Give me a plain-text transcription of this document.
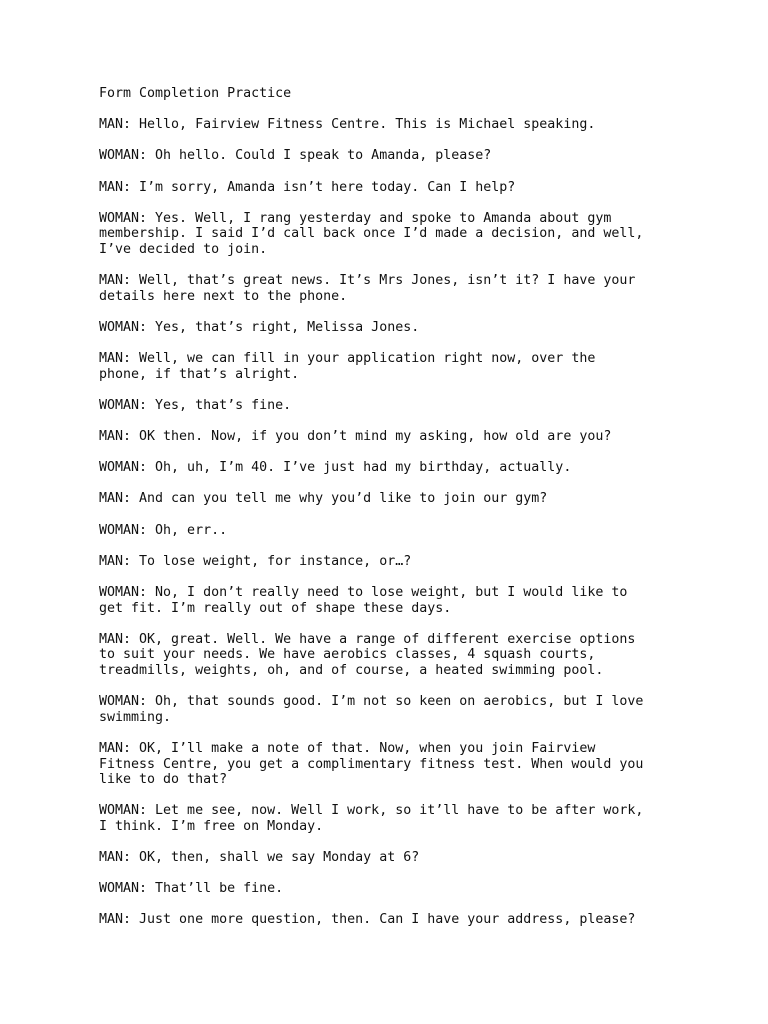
Form Completion Practice
MAN: Hello, Fairview Fitness Centre. This is Michael speaking.
WOMAN: Oh hello. Could I speak to Amanda, please?
MAN: I’m sorry, Amanda isn’t here today. Can I help?
WOMAN: Yes. Well, I rang yesterday and spoke to Amanda about gym
membership. I said I’d call back once I’d made a decision, and well,
I’ve decided to join.
MAN: Well, that’s great news. It’s Mrs Jones, isn’t it? I have your
details here next to the phone.
WOMAN: Yes, that’s right, Melissa Jones.
MAN: Well, we can fill in your application right now, over the
phone, if that’s alright.
WOMAN: Yes, that’s fine.
MAN: OK then. Now, if you don’t mind my asking, how old are you?
WOMAN: Oh, uh, I’m 40. I’ve just had my birthday, actually.
MAN: And can you tell me why you’d like to join our gym?
WOMAN: Oh, err..
MAN: To lose weight, for instance, or…?
WOMAN: No, I don’t really need to lose weight, but I would like to
get fit. I’m really out of shape these days.
MAN: OK, great. Well. We have a range of different exercise options
to suit your needs. We have aerobics classes, 4 squash courts,
treadmills, weights, oh, and of course, a heated swimming pool.
WOMAN: Oh, that sounds good. I’m not so keen on aerobics, but I love
swimming.
MAN: OK, I’ll make a note of that. Now, when you join Fairview
Fitness Centre, you get a complimentary fitness test. When would you
like to do that?
WOMAN: Let me see, now. Well I work, so it’ll have to be after work,
I think. I’m free on Monday.
MAN: OK, then, shall we say Monday at 6?
WOMAN: That’ll be fine.
MAN: Just one more question, then. Can I have your address, please?
